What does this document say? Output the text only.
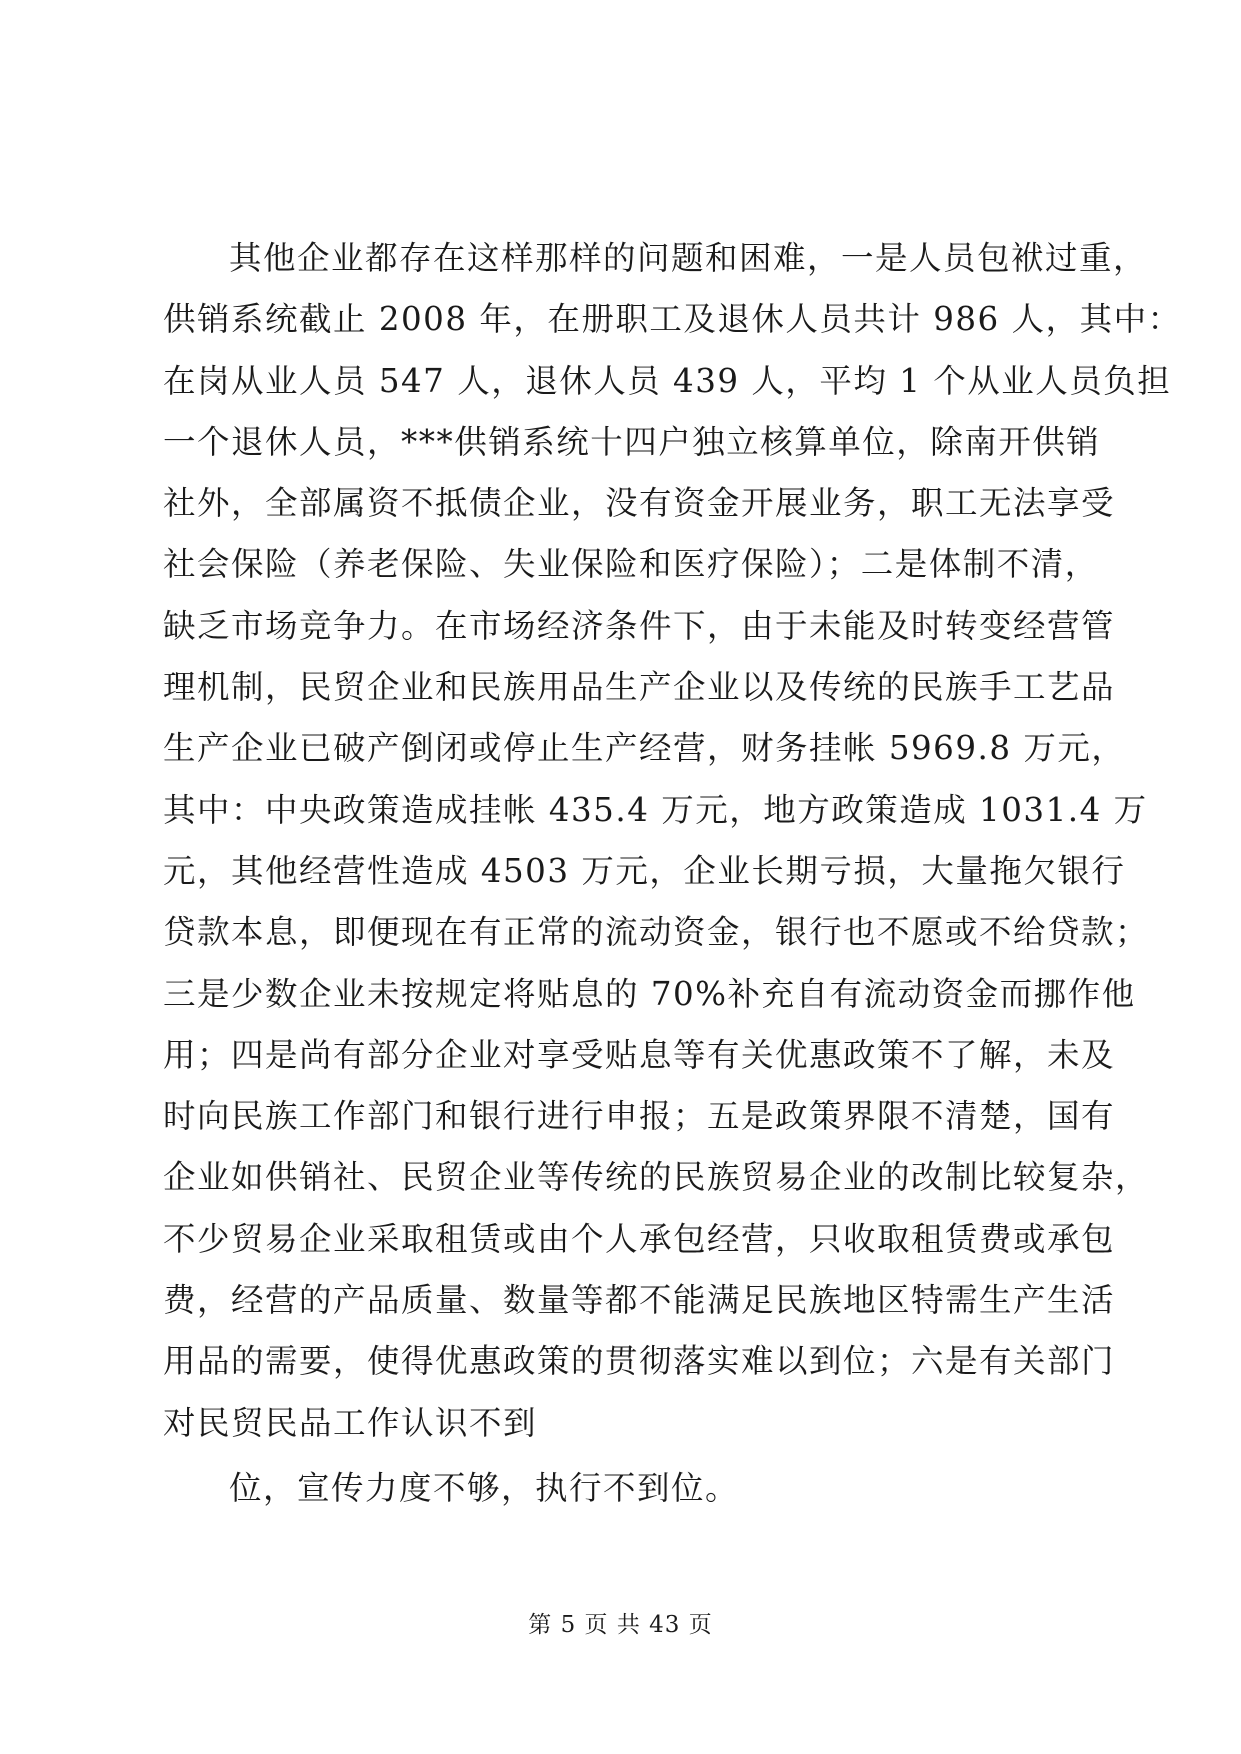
其他企业都存在这样那样的问题和困难，一是人员包袱过重，
供销系统截止 2008 年，在册职工及退休人员共计 986 人，其中：
在岗从业人员 547 人，退休人员 439 人，平均 1 个从业人员负担
一个退休人员，***供销系统十四户独立核算单位，除南开供销
社外，全部属资不抵债企业，没有资金开展业务，职工无法享受
社会保险（养老保险、失业保险和医疗保险）；二是体制不清，
缺乏市场竞争力。在市场经济条件下，由于未能及时转变经营管
理机制，民贸企业和民族用品生产企业以及传统的民族手工艺品
生产企业已破产倒闭或停止生产经营，财务挂帐 5969.8 万元，
其中：中央政策造成挂帐 435.4 万元，地方政策造成 1031.4 万
元，其他经营性造成 4503 万元，企业长期亏损，大量拖欠银行
贷款本息，即便现在有正常的流动资金，银行也不愿或不给贷款；
三是少数企业未按规定将贴息的 70%补充自有流动资金而挪作他
用；四是尚有部分企业对享受贴息等有关优惠政策不了解，未及
时向民族工作部门和银行进行申报；五是政策界限不清楚，国有
企业如供销社、民贸企业等传统的民族贸易企业的改制比较复杂，
不少贸易企业采取租赁或由个人承包经营，只收取租赁费或承包
费，经营的产品质量、数量等都不能满足民族地区特需生产生活
用品的需要，使得优惠政策的贯彻落实难以到位；六是有关部门
对民贸民品工作认识不到
位，宣传力度不够，执行不到位。
第 5 页 共 43 页
